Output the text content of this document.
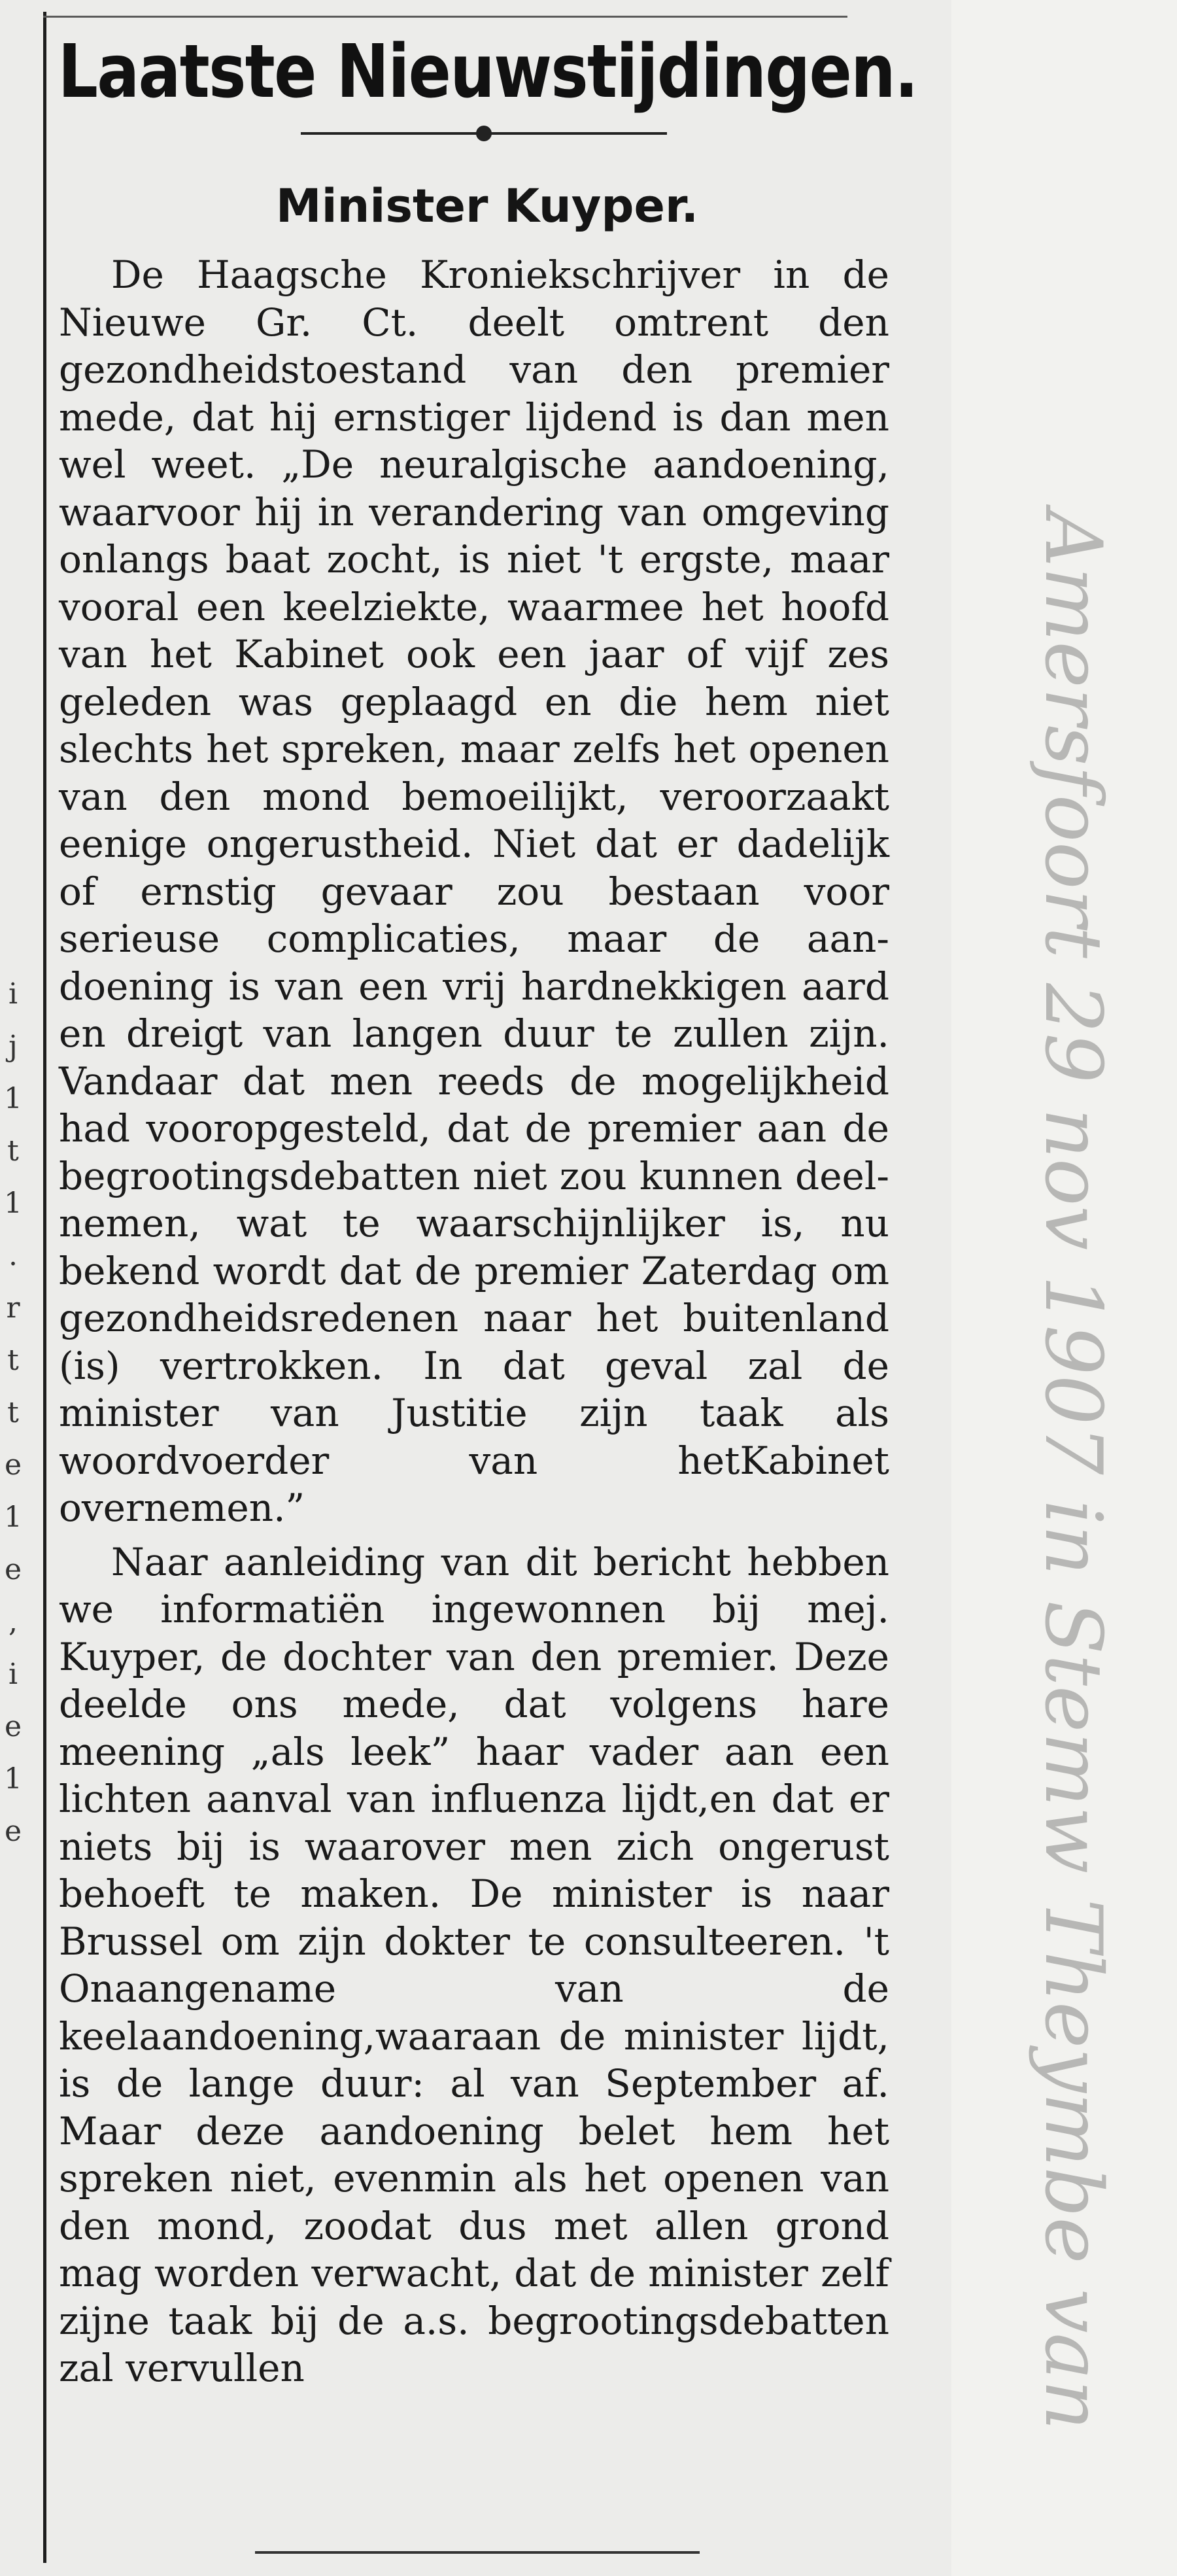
i
j
1
t
1
.
r
t
t
e
1
e
,
i
e
1
e
Laatste Nieuwstijdingen.
Minister Kuyper.

De Haagsche Kroniekschrijver in de Nieuwe Gr. Ct. deelt omtrent den gezondheidstoestand van den premier mede, dat hij ernstiger lijdend is dan men wel weet. „De neuralgische aandoening, waarvoor hij in verandering van omgeving onlangs baat zocht, is niet 't ergste, maar vooral een keelziekte, waarmee het hoofd van het Kabinet ook een jaar of vijf zes geleden was geplaagd en die hem niet slechts het spreken, maar zelfs het openen van den mond bemoeilijkt, veroorzaakt eenige ongerustheid. Niet dat er dadelijk of ernstig gevaar zou bestaan voor serieuse complicaties, maar de aandoening is van een vrij hardnekkigen aard en dreigt van langen duur te zullen zijn. Vandaar dat men reeds de mogelijkheid had vooropgesteld, dat de premier aan de begrootingsdebatten niet zou kunnen deelnemen, wat te waarschijnlijker is, nu bekend wordt dat de premier Zaterdag om gezondheidsredenen naar het buitenland (is) vertrokken. In dat geval zal de minister van Justitie zijn taak als woordvoerder van hetKabinet overnemen.”

Naar aanleiding van dit bericht hebben we informatiën ingewonnen bij mej. Kuyper, de dochter van den premier. Deze deelde ons mede, dat volgens hare meening „als leek” haar vader aan een lichten aanval van influenza lijdt,en dat er niets bij is waarover men zich ongerust behoeft te maken. De minister is naar Brussel om zijn dokter te consulteeren. 't Onaangename van de keelaandoening,waaraan de minister lijdt, is de lange duur: al van September af. Maar deze aandoening belet hem het spreken niet, evenmin als het openen van den mond, zoodat dus met allen grond mag worden verwacht, dat de minister zelf zijne taak bij de a.s. begrootingsdebatten zal vervullen	Amersfoort 29 nov 1907 in Stemw Theymbe van
